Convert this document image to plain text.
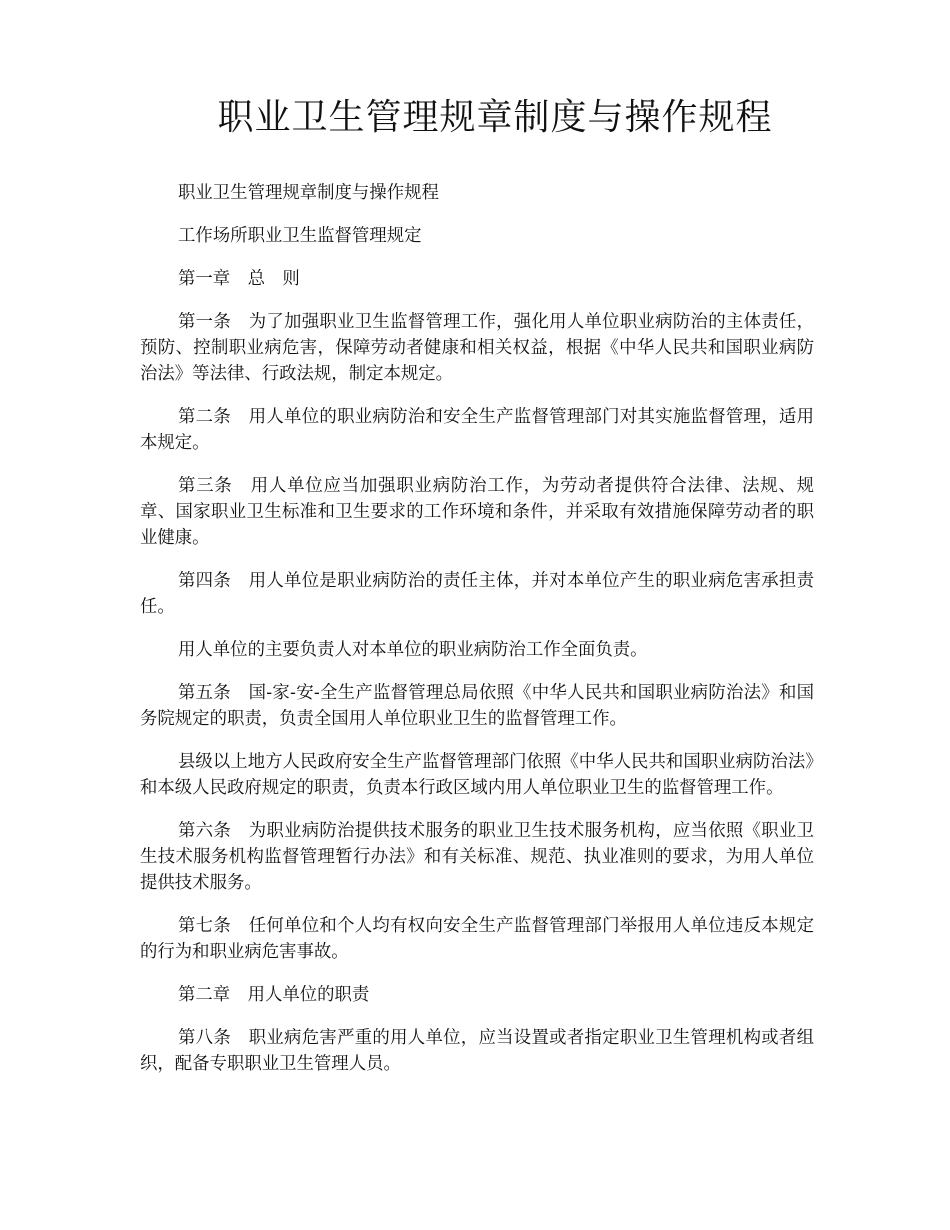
职业卫生管理规章制度与操作规程

职业卫生管理规章制度与操作规程

工作场所职业卫生监督管理规定

第一章　总　则

第一条　为了加强职业卫生监督管理工作，强化用人单位职业病防治的主体责任，预防、控制职业病危害，保障劳动者健康和相关权益，根据《中华人民共和国职业病防治法》等法律、行政法规，制定本规定。

第二条　用人单位的职业病防治和安全生产监督管理部门对其实施监督管理，适用本规定。

第三条　用人单位应当加强职业病防治工作，为劳动者提供符合法律、法规、规章、国家职业卫生标准和卫生要求的工作环境和条件，并采取有效措施保障劳动者的职业健康。

第四条　用人单位是职业病防治的责任主体，并对本单位产生的职业病危害承担责任。

用人单位的主要负责人对本单位的职业病防治工作全面负责。

第五条　国-家-安-全生产监督管理总局依照《中华人民共和国职业病防治法》和国务院规定的职责，负责全国用人单位职业卫生的监督管理工作。

县级以上地方人民政府安全生产监督管理部门依照《中华人民共和国职业病防治法》和本级人民政府规定的职责，负责本行政区域内用人单位职业卫生的监督管理工作。

第六条　为职业病防治提供技术服务的职业卫生技术服务机构，应当依照《职业卫生技术服务机构监督管理暂行办法》和有关标准、规范、执业准则的要求，为用人单位提供技术服务。

第七条　任何单位和个人均有权向安全生产监督管理部门举报用人单位违反本规定的行为和职业病危害事故。

第二章　用人单位的职责

第八条　职业病危害严重的用人单位，应当设置或者指定职业卫生管理机构或者组织，配备专职职业卫生管理人员。
